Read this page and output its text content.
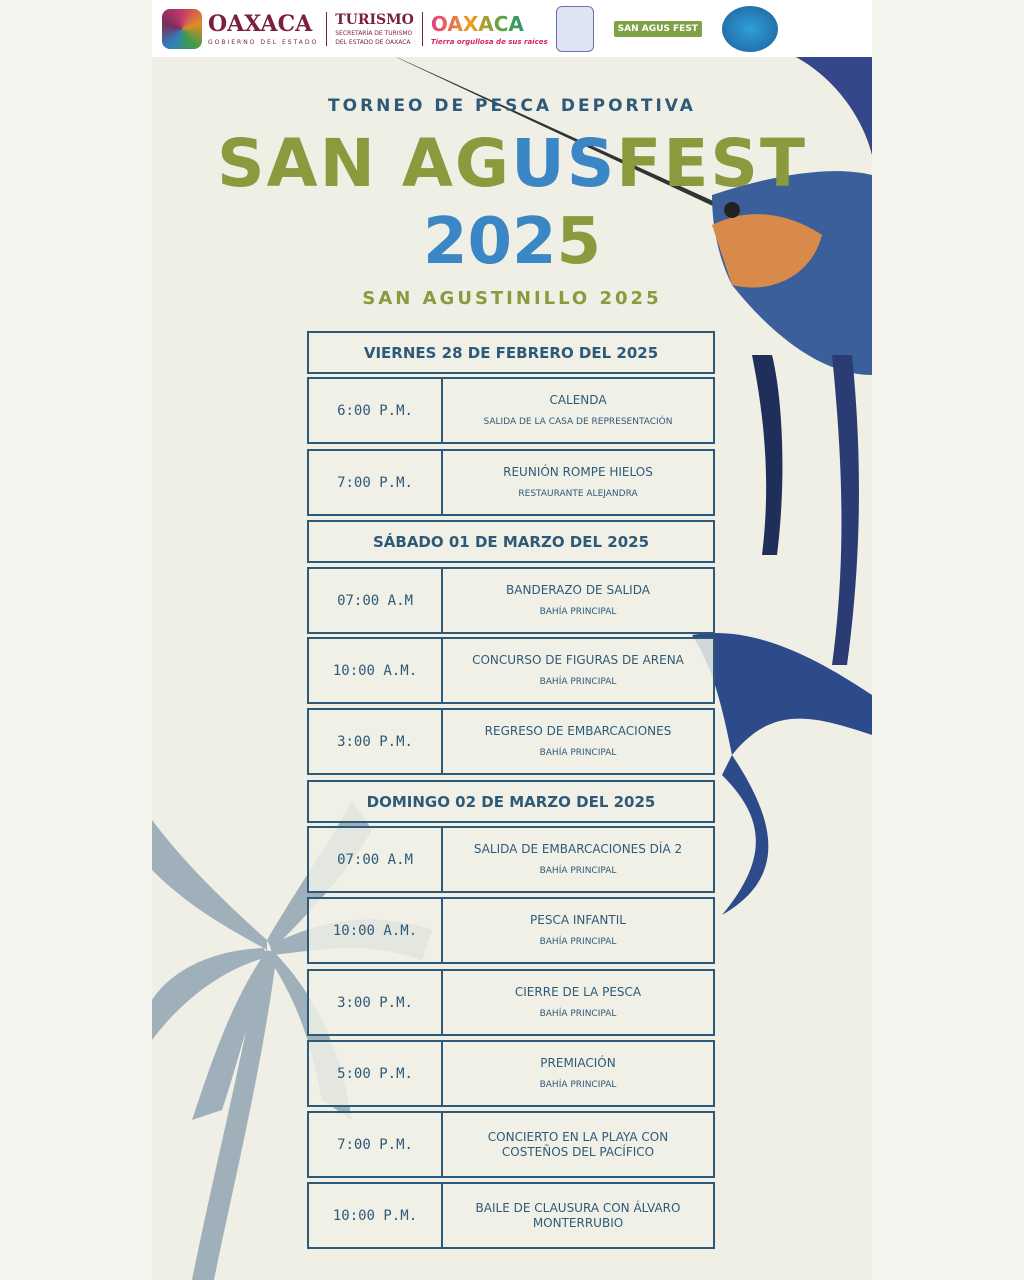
OAXACA
GOBIERNO DEL ESTADO
TURISMO
SECRETARÍA DE TURISMO
DEL ESTADO DE OAXACA
OAXACA
Tierra orgullosa de sus raíces
SAN AGUS FEST
TORNEO DE PESCA DEPORTIVA
SAN AGUSFEST
2025
SAN AGUSTINILLO 2025
VIERNES 28 DE FEBRERO DEL 2025
6:00 P.M.
CALENDA
SALIDA DE LA CASA DE REPRESENTACIÓN
7:00 P.M.
REUNIÓN ROMPE HIELOS
RESTAURANTE ALEJANDRA
SÁBADO 01 DE MARZO DEL 2025
07:00 A.M
BANDERAZO DE SALIDA
BAHÍA PRINCIPAL
10:00 A.M.
CONCURSO DE FIGURAS DE ARENA
BAHÍA PRINCIPAL
3:00 P.M.
REGRESO DE EMBARCACIONES
BAHÍA PRINCIPAL
DOMINGO 02 DE MARZO DEL 2025
07:00 A.M
SALIDA DE EMBARCACIONES DÍA 2
BAHÍA PRINCIPAL
10:00 A.M.
PESCA INFANTIL
BAHÍA PRINCIPAL
3:00 P.M.
CIERRE DE LA PESCA
BAHÍA PRINCIPAL
5:00 P.M.
PREMIACIÓN
BAHÍA PRINCIPAL
7:00 P.M.	CONCIERTO EN LA PLAYA CON COSTEÑOS DEL PACÍFICO
10:00 P.M.	BAILE DE CLAUSURA CON ÁLVARO MONTERRUBIO
